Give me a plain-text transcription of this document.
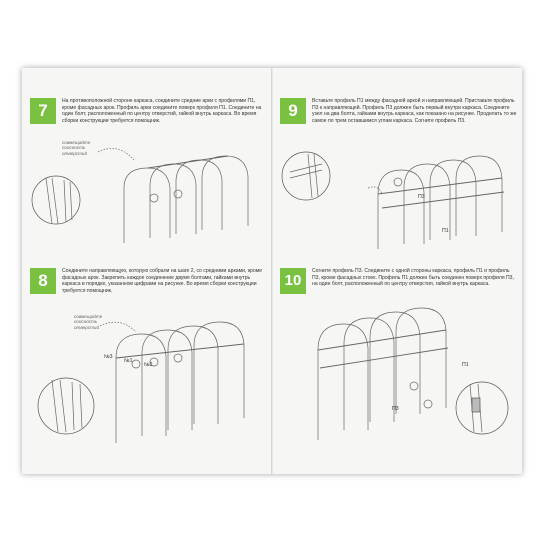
7	На противоположной стороне каркаса, соедините средние арки с профилями П1, кроме фасадных арок. Профиль арки соедините поверх профиля П1. Соедините на один болт, расположенный по центру отверстий, гайкой внутрь каркаса. Во время сборки конструкции требуется помощник.
совмещайте соосность отверстий
8	Соедините направляющую, которую собрали на шаге 2, со средними арками, кроме фасадных арок. Закрепить каждое соединение двумя болтами, гайками внутрь каркаса в порядке, указанном цифрами на рисунке. Во время сборки конструкции требуется помощник.
совмещайте соосность отверстий
№3
№1
№2
9	Вставьте профиль П1 между фасадной аркой и направляющей. Приставьте профиль П3 к направляющей. Профиль П3 должен быть первый внутри каркаса. Соедините узел на два болта, гайками внутрь каркаса, как показано на рисунке. Проделать то же самое по трем оставшимся углам каркаса. Согните профиль П3.
П3
П1
10
Согните профиль П3. Соедините с одной стороны каркаса, профиль П1 и профиль П3, кроме фасадных стоек. Профиль П1 должен быть соединен поверх профиля П3, на один болт, расположенный по центру отверстия, гайкой внутрь каркаса.
П1
П3
